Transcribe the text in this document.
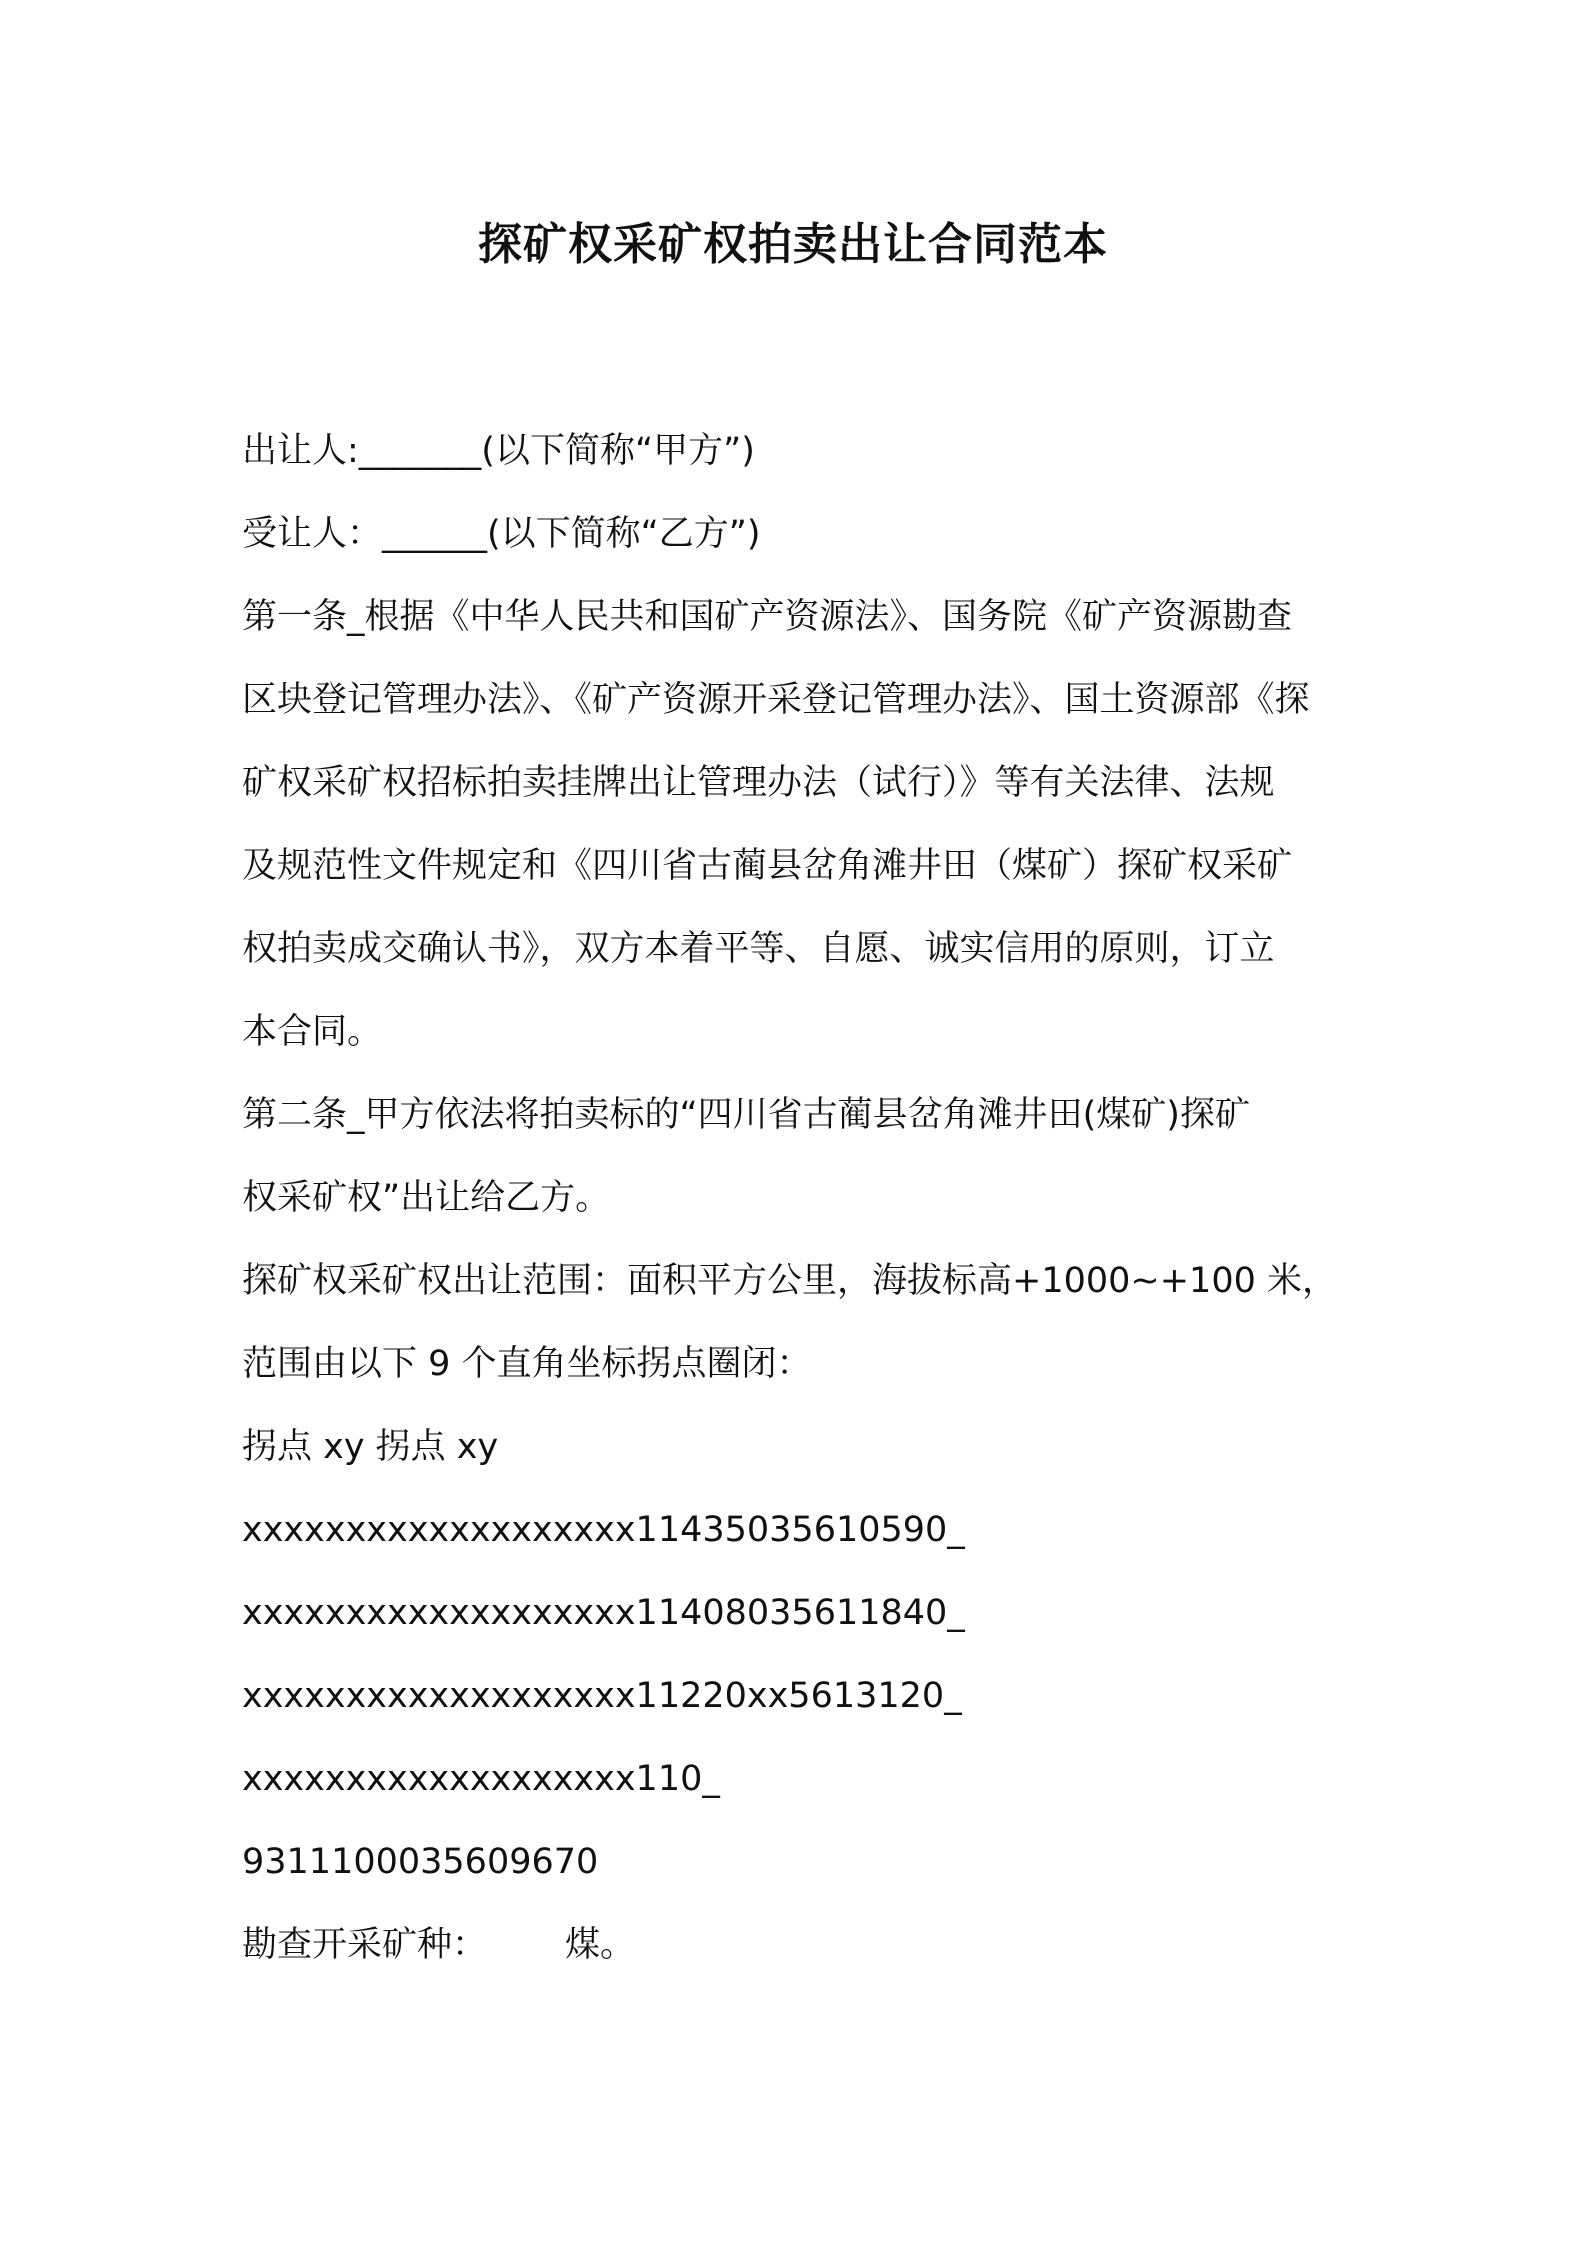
探矿权采矿权拍卖出让合同范本
出让人:_______(以下简称“甲方”)
受让人：______(以下简称“乙方”)
第一条_根据《中华人民共和国矿产资源法》、国务院《矿产资源勘查
区块登记管理办法》、《矿产资源开采登记管理办法》、国土资源部《探
矿权采矿权招标拍卖挂牌出让管理办法（试行）》等有关法律、法规
及规范性文件规定和《四川省古蔺县岔角滩井田（煤矿）探矿权采矿
权拍卖成交确认书》，双方本着平等、自愿、诚实信用的原则，订立
本合同。
第二条_甲方依法将拍卖标的“四川省古蔺县岔角滩井田(煤矿)探矿
权采矿权”出让给乙方。
探矿权采矿权出让范围：面积平方公里，海拔标高+1000~+100 米，
范围由以下 9 个直角坐标拐点圈闭：
拐点 xy 拐点 xy
xxxxxxxxxxxxxxxxxxx11435035610590_
xxxxxxxxxxxxxxxxxxx11408035611840_
xxxxxxxxxxxxxxxxxxx11220xx5613120_
xxxxxxxxxxxxxxxxxxx110_
9311100035609670
勘查开采矿种： 煤。
